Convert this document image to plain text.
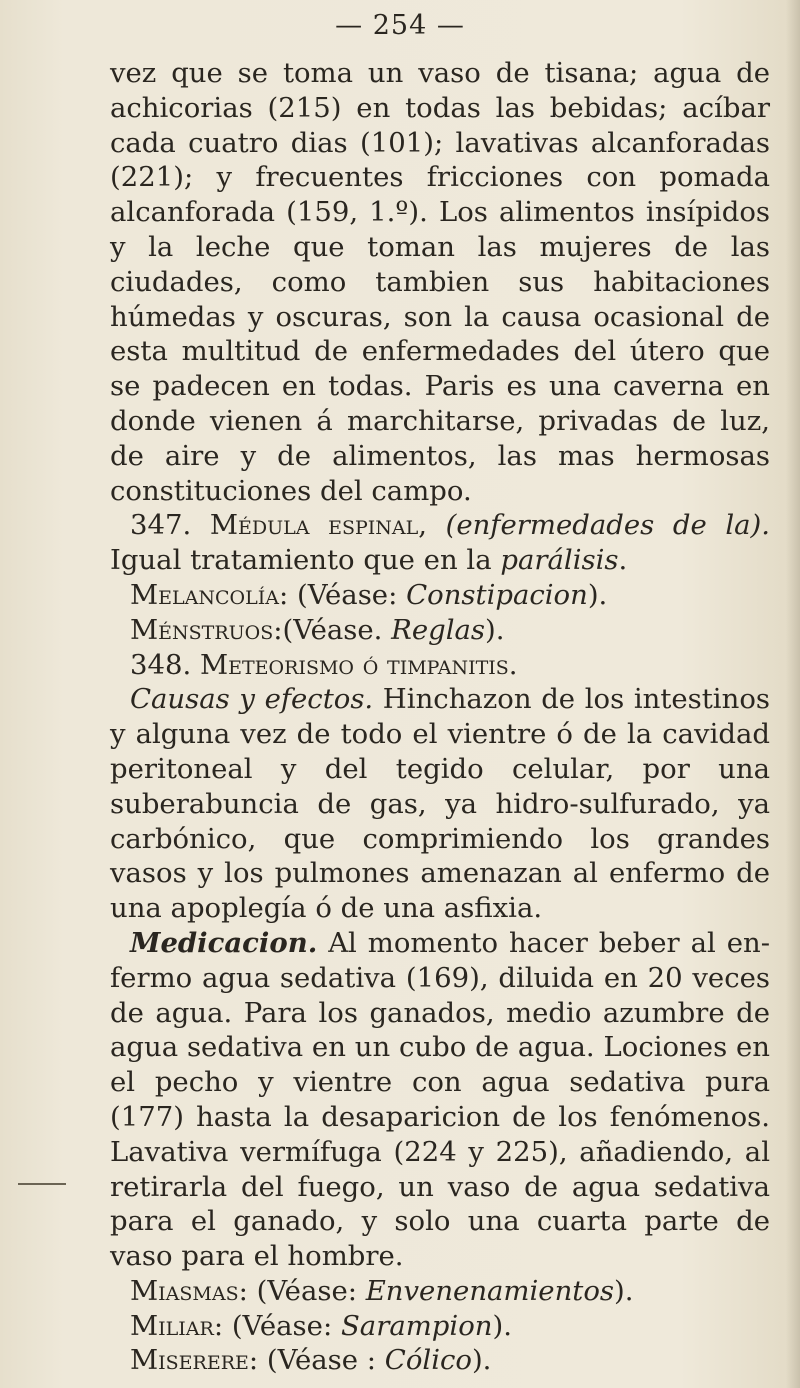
— 254 —

vez que se toma un vaso de tisana; agua de achicorias (215) en todas las bebidas; acíbar cada cuatro dias (101); lavativas alcanforadas (221); y frecuentes fricciones con pomada alcanforada (159, 1.º). Los alimentos insípidos y la leche que toman las mujeres de las ciudades, como tambien sus habitaciones húmedas y oscuras, son la causa ocasional de esta multitud de enfermedades del útero que se padecen en todas. Paris es una caverna en donde vienen á marchitarse, privadas de luz, de aire y de alimentos, las mas hermosas constituciones del campo.

347. Médula espinal, (enfermedades de la). Igual tratamiento que en la parálisis.

Melancolía: (Véase: Constipacion).

Ménstruos:(Véase. Reglas).

348. Meteorismo ó timpanitis.

Causas y efectos. Hinchazon de los intestinos y alguna vez de todo el vientre ó de la cavidad peritoneal y del tegido celular, por una suberabuncia de gas, ya hidro-sulfurado, ya carbónico, que comprimiendo los grandes vasos y los pulmones amenazan al enfermo de una apoplegía ó de una asfixia.

Medicacion. Al momento hacer beber al enfermo agua sedativa (169), diluida en 20 veces de agua. Para los ganados, medio azumbre de agua sedativa en un cubo de agua. Lociones en el pecho y vientre con agua sedativa pura (177) hasta la desaparicion de los fenómenos. Lavativa vermífuga (224 y 225), añadiendo, al retirarla del fuego, un vaso de agua sedativa para el ganado, y solo una cuarta parte de vaso para el hombre.

Miasmas: (Véase: Envenenamientos).

Miliar: (Véase: Sarampion).

Miserere: (Véase : Cólico).
